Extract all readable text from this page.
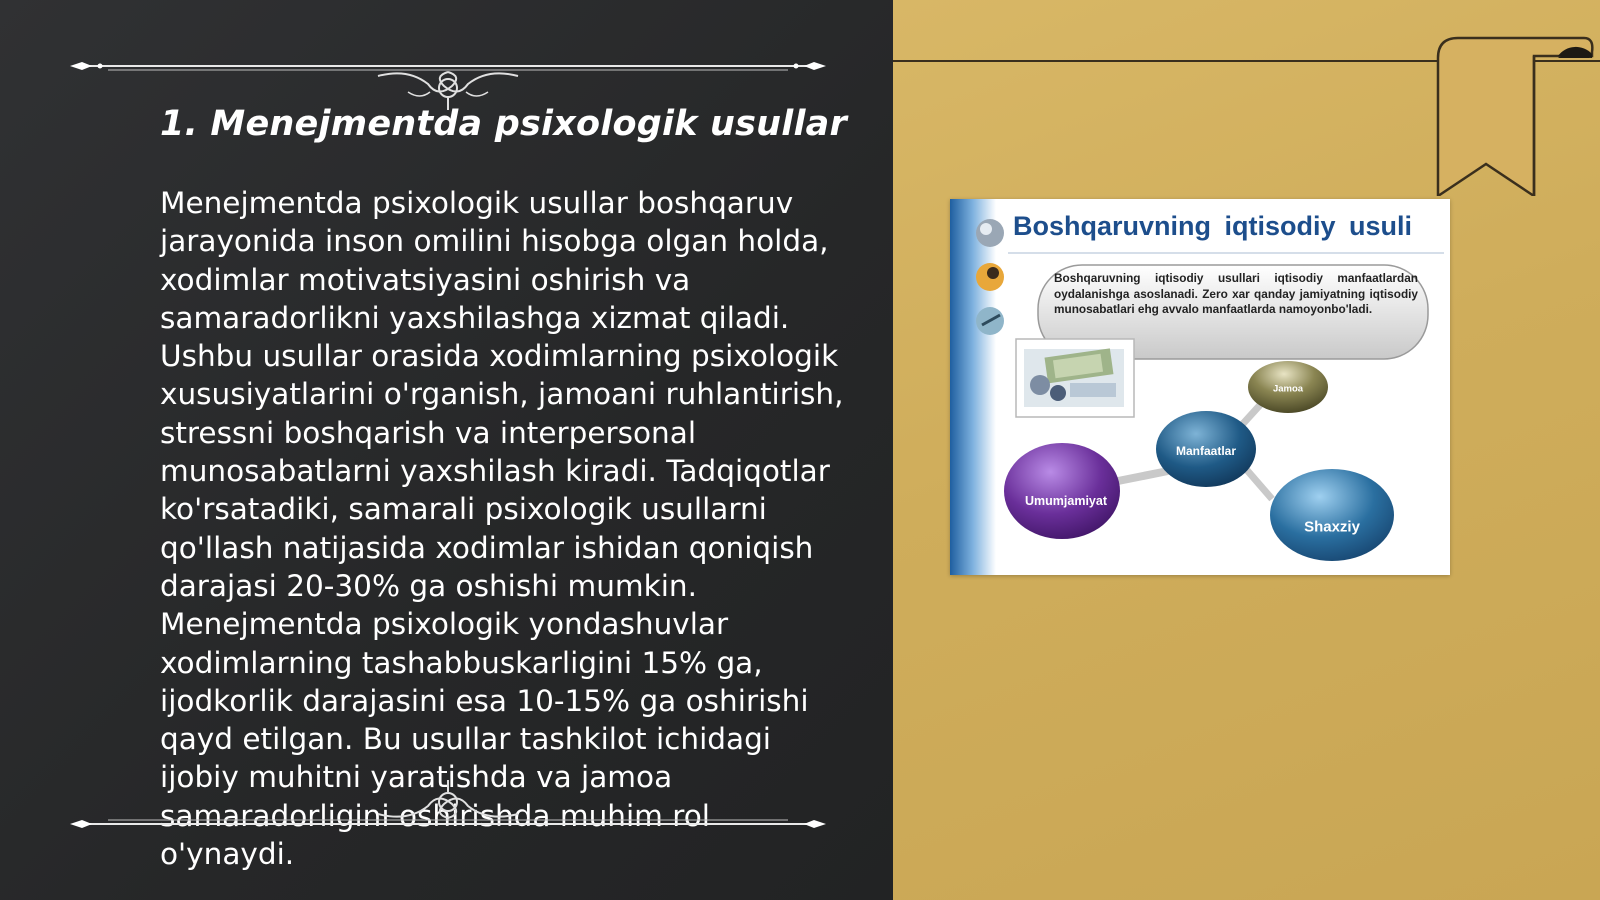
1. Menejmentda psixologik usullar

Menejmentda psixologik usullar boshqaruv jarayonida inson omilini hisobga olgan holda, xodimlar motivatsiyasini oshirish va samaradorlikni yaxshilashga xizmat qiladi. Ushbu usullar orasida xodimlarning psixologik xususiyatlarini o'rganish, jamoani ruhlantirish, stressni boshqarish va interpersonal munosabatlarni yaxshilash kiradi. Tadqiqotlar ko'rsatadiki, samarali psixologik usullarni qo'llash natijasida xodimlar ishidan qoniqish darajasi 20-30% ga oshishi mumkin. Menejmentda psixologik yondashuvlar xodimlarning tashabbuskarligini 15% ga, ijodkorlik darajasini esa 10-15% ga oshirishi qayd etilgan. Bu usullar tashkilot ichidagi ijobiy muhitni yaratishda va jamoa samaradorligini oshirishda muhim rol o'ynaydi.

Boshqaruvning iqtisodiy usuli

Boshqaruvning iqtisodiy usullari iqtisodiy manfaatlardan oydalanishga asoslanadi. Zero xar qanday jamiyatning iqtisodiy munosabatlari ehg avvalo manfaatlarda namoyonbo'ladi.

Jamoa
Manfaatlar
Umumjamiyat
Shaxziy
